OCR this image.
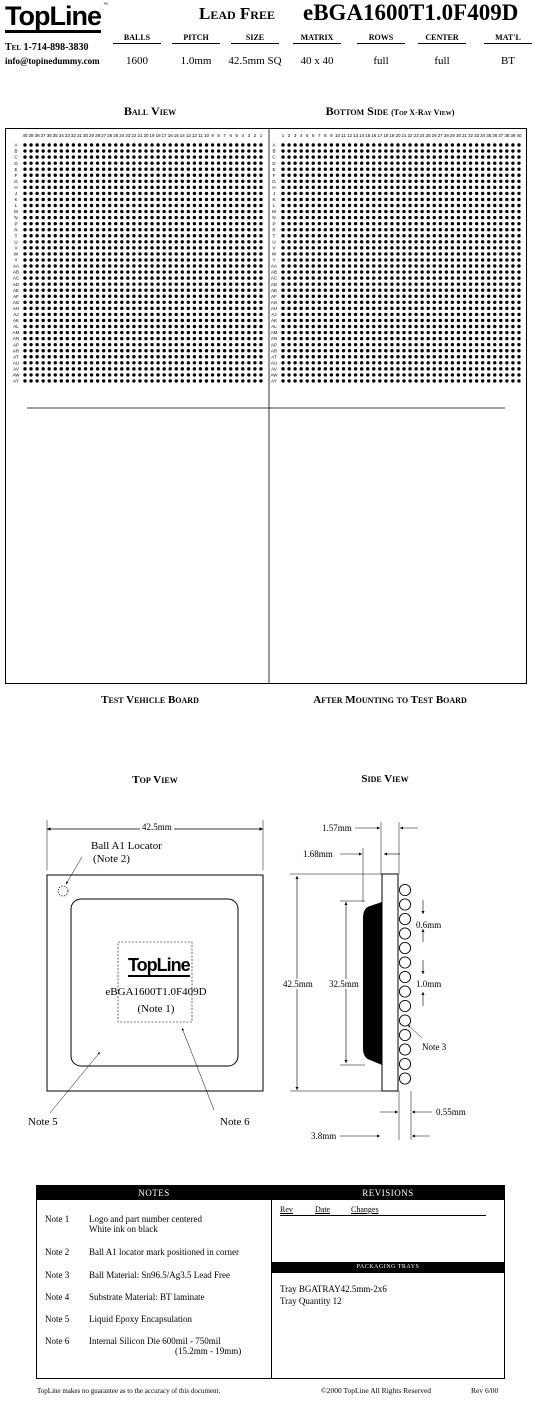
TopLine ™	Lead Free eBGA1600T1.0F409D
Tel 1-714-898-3830
info@topinedummy.com
BALLS
1600
PITCH
1.0mm
SIZE
42.5mm SQ
MATRIX
40 x 40
ROWS
full
CENTER
full
MAT'L
BT
Ball View	Bottom Side (Top X-Ray View)
40 39 38 37 36 35 34 33 32 31 30 29 28 27 26 25 24 23 22 21 20 19 18 17 16 15 14 13 12 11 10 9 8 7 6 5 4 3 2 1
A
B
C
D
E
F
G
H
J
K
L
M
N
P
R
T
U
V
W
Y
AA
AB
AC
AD
AE
AF
AG
AH
AJ
AK
AL
AM
AN
AP
AR
AT
AU
AV
AW
AY
1 2 3 4 5 6 7 8 9 10 11 12 13 14 15 16 17 18 19 20 21 22 23 24 25 26 27 28 29 30 31 32 33 34 35 36 37 38 39 40
A
B
C
D
E
F
G
H
J
K
L
M
N
P
R
T
U
V
W
Y
AA
AB
AC
AD
AE
AF
AG
AH
AJ
AK
AL
AM
AN
AP
AR
AT
AU
AV
AW
AY
Test Vehicle Board	After Mounting to Test Board
Top View	Side View
42.5mm
Ball A1 Locator
(Note 2)
TopLine
eBGA1600T1.0F409D
(Note 1)
Note 5	Note 6
1.57mm
1.68mm
42.5mm 32.5mm
0.6mm
1.0mm
Note 3
0.55mm
3.8mm
NOTES
Note 1 Logo and part number centered
White ink on black
Note 2 Ball A1 locator mark positioned in corner
Note 3 Ball Material: Sn96.5/Ag3.5 Lead Free
Note 4 Substrate Material: BT laminate
Note 5 Liquid Epoxy Encapsulation
Note 6 Internal Silicon Die 600mil - 750mil
(15.2mm - 19mm)
REVISIONS
Rev	Date	Changes
PACKAGING TRAYS
Tray BGATRAY42.5mm-2x6
Tray Quantity 12
TopLine makes no guarantee as to the accuracy of this document.	©2000 TopLine All Rights Reserved	Rev 6/00
